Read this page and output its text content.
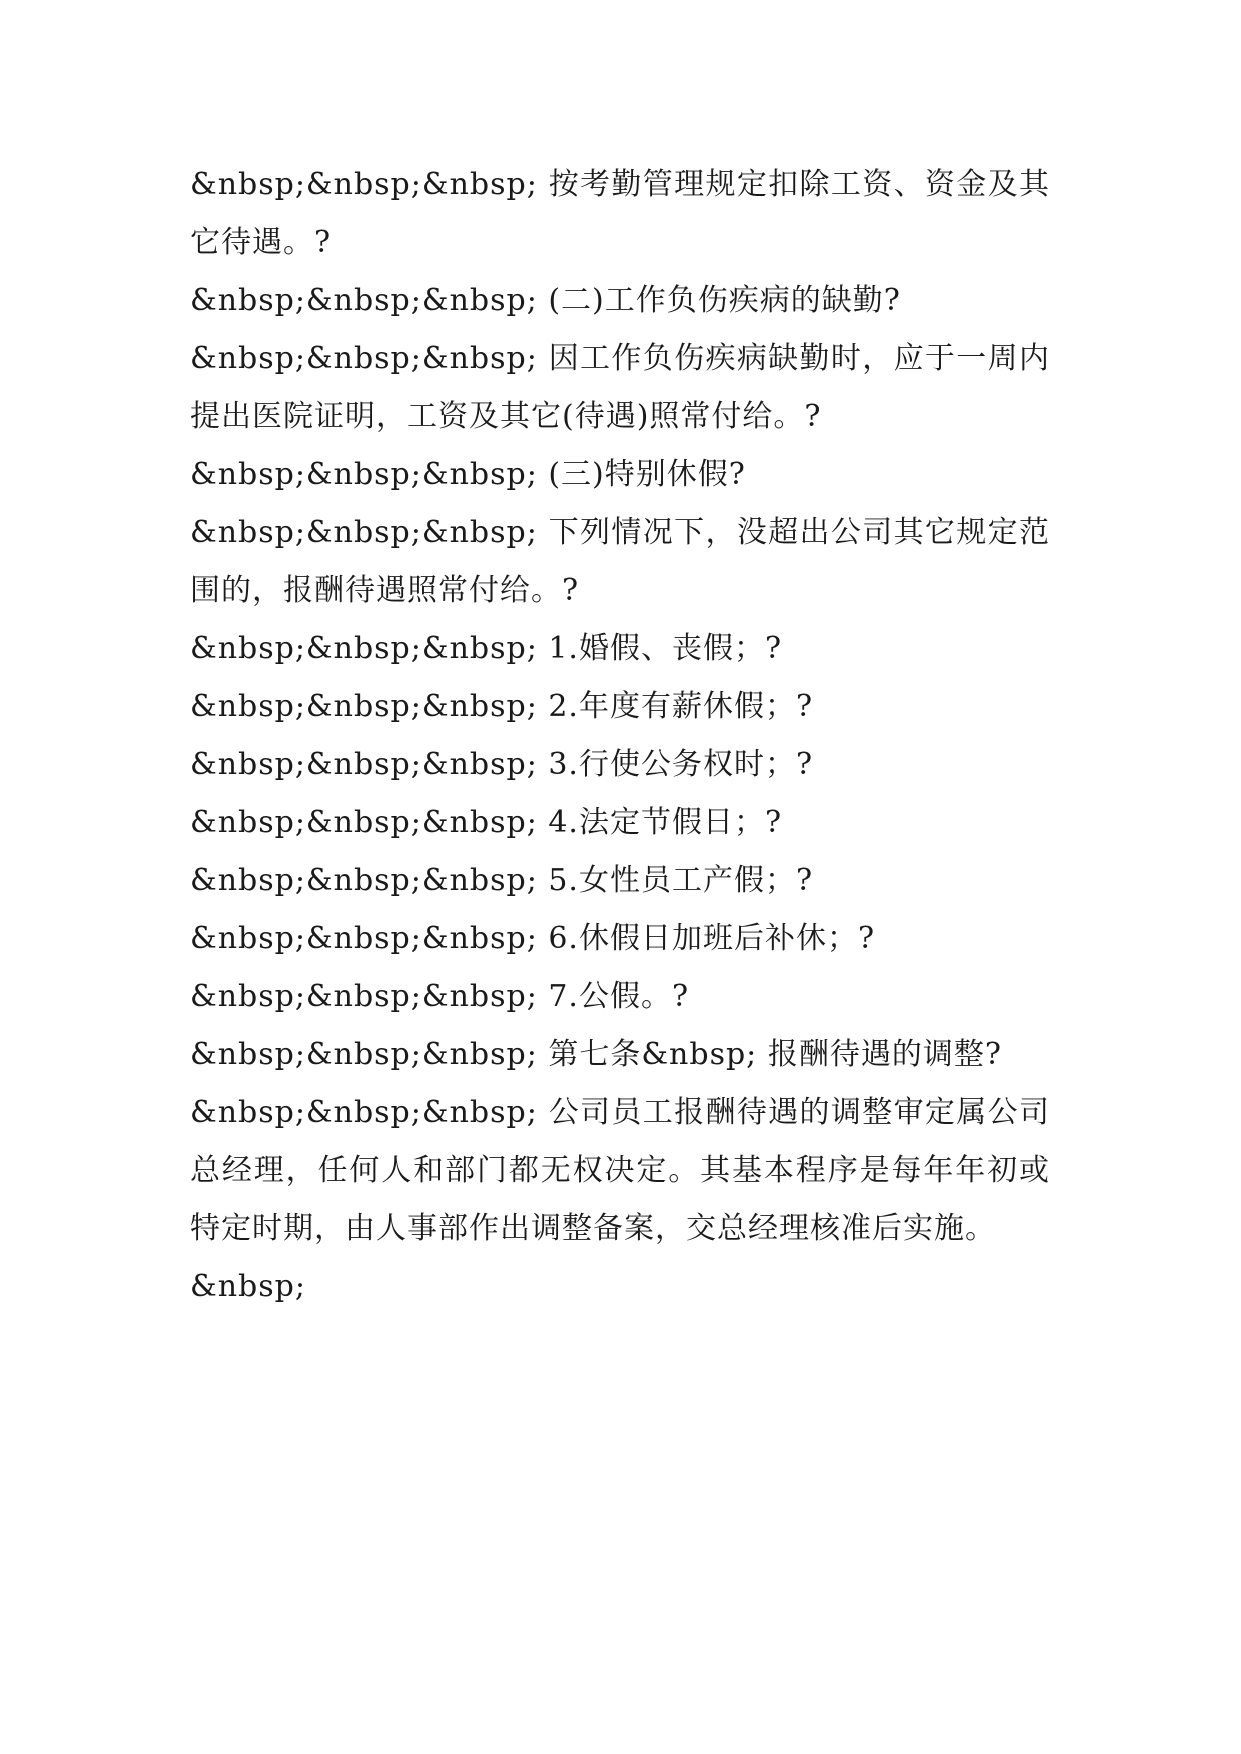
&nbsp;&nbsp;&nbsp; 按考勤管理规定扣除工资、资金及其它待遇。?

&nbsp;&nbsp;&nbsp; (二)工作负伤疾病的缺勤?

&nbsp;&nbsp;&nbsp; 因工作负伤疾病缺勤时，应于一周内提出医院证明，工资及其它(待遇)照常付给。?

&nbsp;&nbsp;&nbsp; (三)特别休假?

&nbsp;&nbsp;&nbsp; 下列情况下，没超出公司其它规定范围的，报酬待遇照常付给。?

&nbsp;&nbsp;&nbsp; 1.婚假、丧假；?

&nbsp;&nbsp;&nbsp; 2.年度有薪休假；?

&nbsp;&nbsp;&nbsp; 3.行使公务权时；?

&nbsp;&nbsp;&nbsp; 4.法定节假日；?

&nbsp;&nbsp;&nbsp; 5.女性员工产假；?

&nbsp;&nbsp;&nbsp; 6.休假日加班后补休；?

&nbsp;&nbsp;&nbsp; 7.公假。?

&nbsp;&nbsp;&nbsp; 第七条&nbsp; 报酬待遇的调整?

&nbsp;&nbsp;&nbsp; 公司员工报酬待遇的调整审定属公司总经理，任何人和部门都无权决定。其基本程序是每年年初或特定时期，由人事部作出调整备案，交总经理核准后实施。

&nbsp;
